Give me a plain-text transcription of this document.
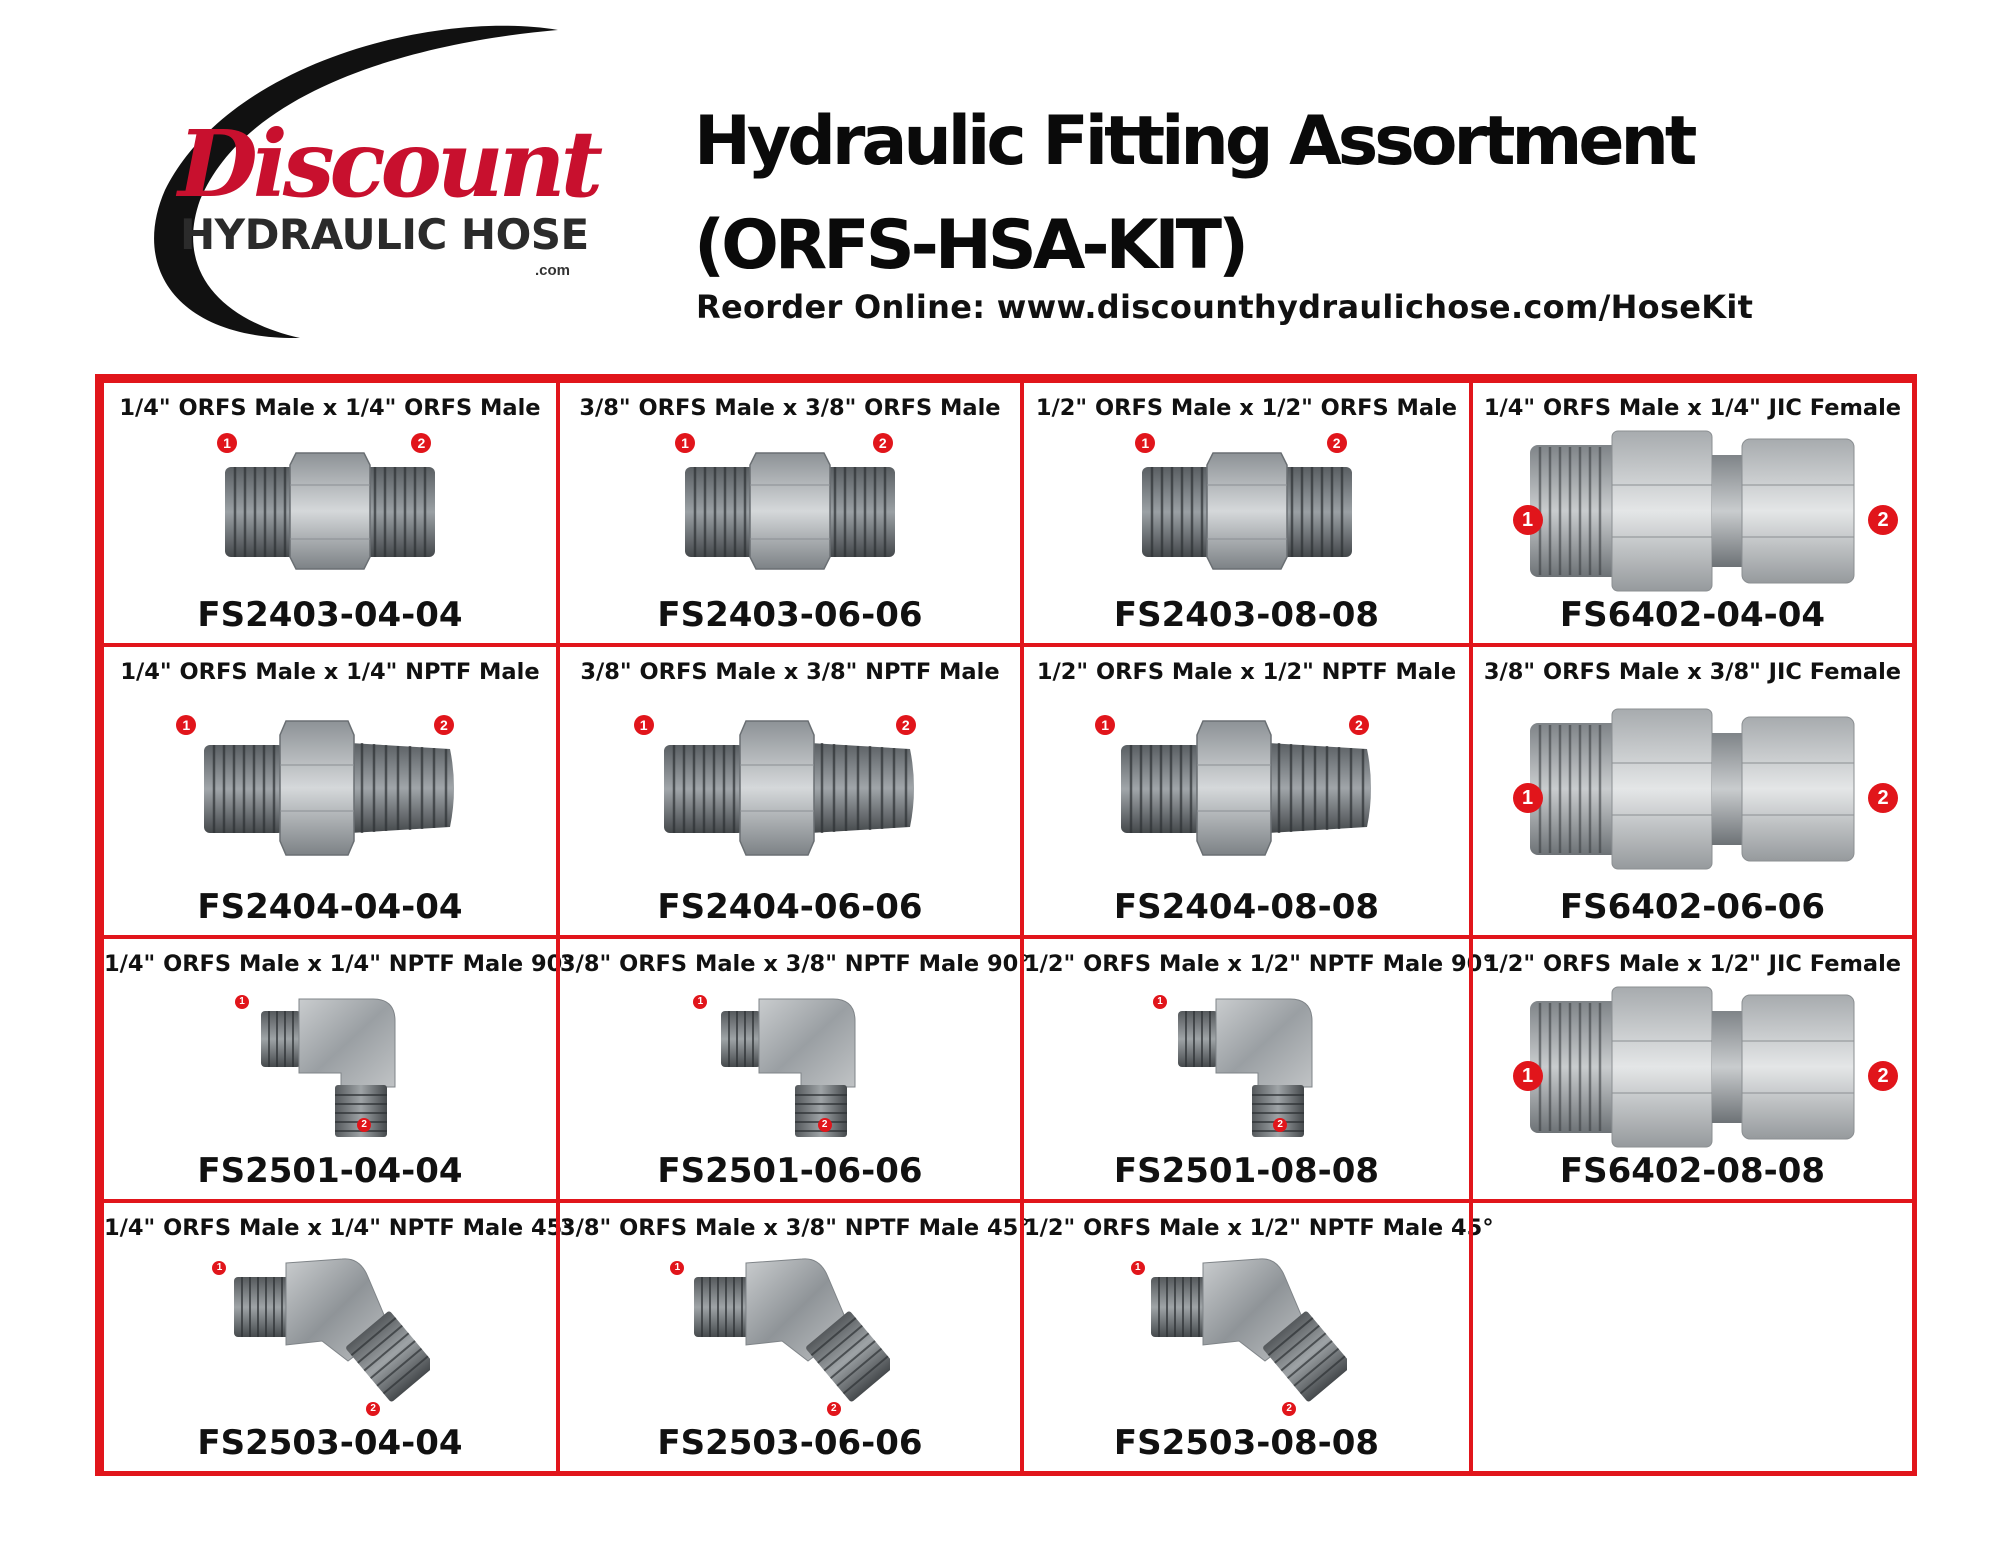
Discount
HYDRAULIC HOSE
.com
Hydraulic Fitting Assortment
(ORFS-HSA-KIT)
Reorder Online: www.discounthydraulichose.com/HoseKit
1/4" ORFS Male x 1/4" ORFS Male
1	2
FS2403-04-04
3/8" ORFS Male x 3/8" ORFS Male
1	2
FS2403-06-06
1/2" ORFS Male x 1/2" ORFS Male
1	2
FS2403-08-08
1/4" ORFS Male x 1/4" JIC Female
1	2
FS6402-04-04
1/4" ORFS Male x 1/4" NPTF Male
1	2
FS2404-04-04
3/8" ORFS Male x 3/8" NPTF Male
1	2
FS2404-06-06
1/2" ORFS Male x 1/2" NPTF Male
1	2
FS2404-08-08
3/8" ORFS Male x 3/8" JIC Female
1	2
FS6402-06-06
1/4" ORFS Male x 1/4" NPTF Male 90°
1
2
FS2501-04-04
3/8" ORFS Male x 3/8" NPTF Male 90°
1
2
FS2501-06-06
1/2" ORFS Male x 1/2" NPTF Male 90°
1
2
FS2501-08-08
1/2" ORFS Male x 1/2" JIC Female
1	2
FS6402-08-08
1/4" ORFS Male x 1/4" NPTF Male 45°
1
2
FS2503-04-04
3/8" ORFS Male x 3/8" NPTF Male 45°
1
2
FS2503-06-06
1/2" ORFS Male x 1/2" NPTF Male 45°
1
2
FS2503-08-08
